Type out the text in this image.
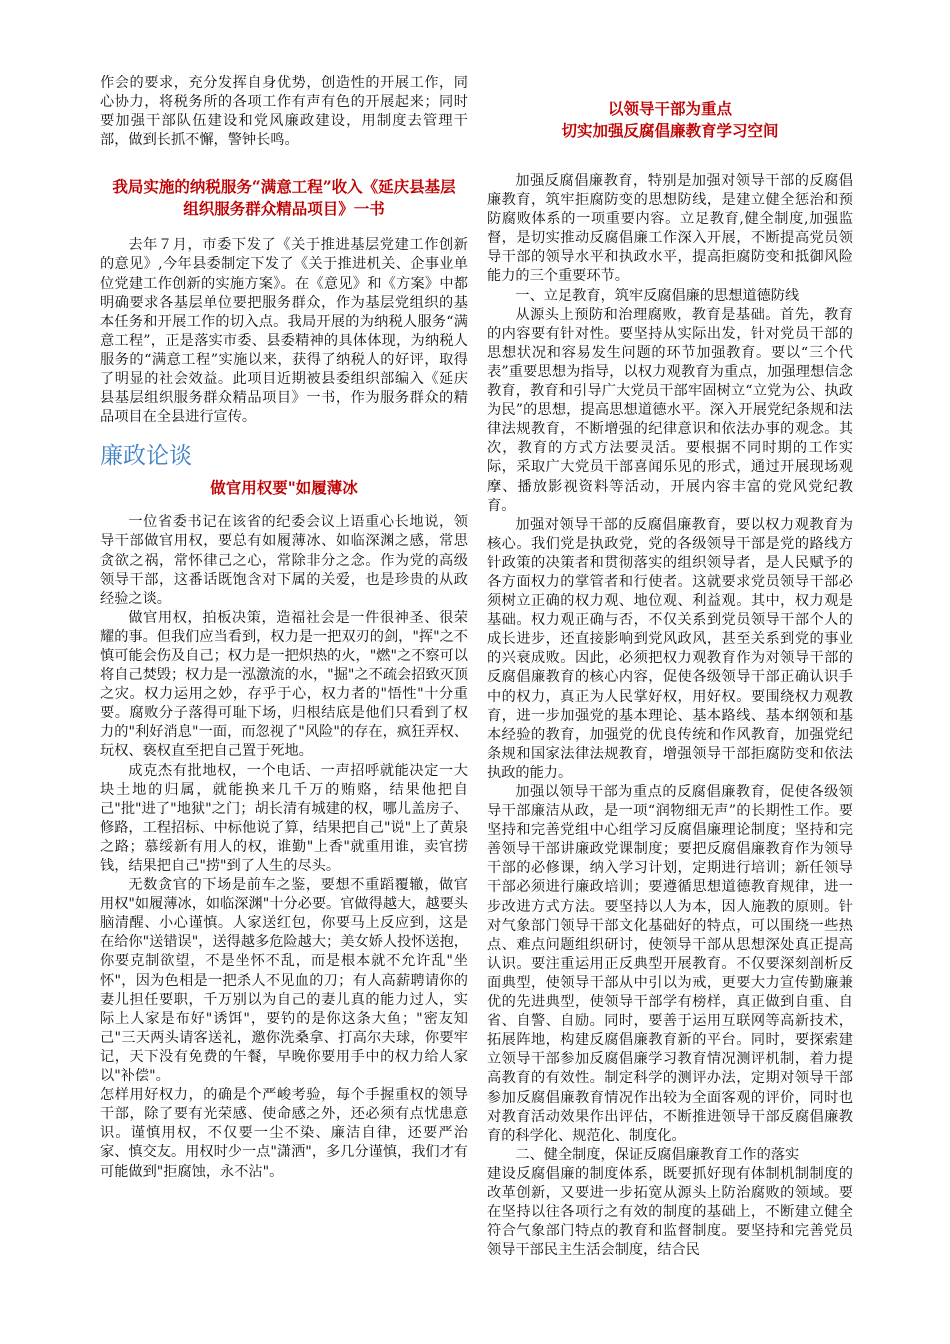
作会的要求，充分发挥自身优势，创造性的开展工作，同心协力，将税务所的各项工作有声有色的开展起来；同时要加强干部队伍建设和党风廉政建设，用制度去管理干部，做到长抓不懈，警钟长鸣。

我局实施的纳税服务“满意工程”收入《延庆县基层组织服务群众精品项目》一书

去年７月，市委下发了《关于推进基层党建工作创新的意见》,今年县委制定下发了《关于推进机关、企事业单位党建工作创新的实施方案》。在《意见》和《方案》中都明确要求各基层单位要把服务群众，作为基层党组织的基本任务和开展工作的切入点。我局开展的为纳税人服务“满意工程”，正是落实市委、县委精神的具体体现，为纳税人服务的“满意工程”实施以来，获得了纳税人的好评，取得了明显的社会效益。此项目近期被县委组织部编入《延庆县基层组织服务群众精品项目》一书，作为服务群众的精品项目在全县进行宣传。

廉政论谈

做官用权要"如履薄冰

一位省委书记在该省的纪委会议上语重心长地说，领导干部做官用权，要总有如履薄冰、如临深渊之感，常思贪欲之祸，常怀律己之心，常除非分之念。作为党的高级领导干部，这番话既饱含对下属的关爱，也是珍贵的从政经验之谈。

做官用权，拍板决策，造福社会是一件很神圣、很荣耀的事。但我们应当看到，权力是一把双刃的剑，"挥"之不慎可能会伤及自己；权力是一把炽热的火，"燃"之不察可以将自己焚毁；权力是一泓激流的水，"掘"之不疏会招致灭顶之灾。权力运用之妙，存乎于心，权力者的"悟性"十分重要。腐败分子落得可耻下场，归根结底是他们只看到了权力的"利好消息"一面，而忽视了"风险"的存在，疯狂弄权、玩权、亵权直至把自己置于死地。

成克杰有批地权，一个电话、一声招呼就能决定一大块土地的归属，就能换来几千万的贿赂，结果他把自己"批"进了"地狱"之门；胡长清有城建的权，哪儿盖房子、修路，工程招标、中标他说了算，结果把自己"说"上了黄泉之路；慕绥新有用人的权，谁勤"上香"就重用谁，卖官捞钱，结果把自己"捞"到了人生的尽头。

无数贪官的下场是前车之鉴，要想不重蹈覆辙，做官用权"如履薄冰，如临深渊"十分必要。官做得越大，越要头脑清醒、小心谨慎。人家送红包，你要马上反应到，这是在给你"送错误"，送得越多危险越大；美女娇人投怀送抱，你要克制欲望，不是坐怀不乱，而是根本就不允许乱"坐怀"，因为色相是一把杀人不见血的刀；有人高薪聘请你的妻儿担任要职，千万别以为自己的妻儿真的能力过人，实际上人家是布好"诱饵"，要钓的是你这条大鱼；"密友知己"三天两头请客送礼，邀你洗桑拿、打高尔夫球，你要牢记，天下没有免费的午餐，早晚你要用手中的权力给人家以"补偿"。

怎样用好权力，的确是个严峻考验，每个手握重权的领导干部，除了要有光荣感、使命感之外，还必须有点忧患意识。谨慎用权，不仅要一尘不染、廉洁自律，还要严治家、慎交友。用权时少一点"潇洒"，多几分谨慎，我们才有可能做到"拒腐蚀，永不沾"。

以领导干部为重点

切实加强反腐倡廉教育学习空间

加强反腐倡廉教育，特别是加强对领导干部的反腐倡廉教育，筑牢拒腐防变的思想防线，是建立健全惩治和预防腐败体系的一项重要内容。立足教育,健全制度,加强监督，是切实推动反腐倡廉工作深入开展，不断提高党员领导干部的领导水平和执政水平，提高拒腐防变和抵御风险能力的三个重要环节。

一、立足教育，筑牢反腐倡廉的思想道德防线

从源头上预防和治理腐败，教育是基础。首先，教育的内容要有针对性。要坚持从实际出发，针对党员干部的思想状况和容易发生问题的环节加强教育。要以“三个代表”重要思想为指导，以权力观教育为重点，加强理想信念教育，教育和引导广大党员干部牢固树立“立党为公、执政为民”的思想，提高思想道德水平。深入开展党纪条规和法律法规教育，不断增强的纪律意识和依法办事的观念。其次，教育的方式方法要灵活。要根据不同时期的工作实际，采取广大党员干部喜闻乐见的形式，通过开展现场观摩、播放影视资料等活动，开展内容丰富的党风党纪教育。

加强对领导干部的反腐倡廉教育，要以权力观教育为核心。我们党是执政党，党的各级领导干部是党的路线方针政策的决策者和贯彻落实的组织领导者，是人民赋予的各方面权力的掌管者和行使者。这就要求党员领导干部必须树立正确的权力观、地位观、利益观。其中，权力观是基础。权力观正确与否，不仅关系到党员领导干部个人的成长进步，还直接影响到党风政风，甚至关系到党的事业的兴衰成败。因此，必须把权力观教育作为对领导干部的反腐倡廉教育的核心内容，促使各级领导干部正确认识手中的权力，真正为人民掌好权，用好权。要围绕权力观教育，进一步加强党的基本理论、基本路线、基本纲领和基本经验的教育，加强党的优良传统和作风教育，加强党纪条规和国家法律法规教育，增强领导干部拒腐防变和依法执政的能力。

加强以领导干部为重点的反腐倡廉教育，促使各级领导干部廉洁从政，是一项“润物细无声”的长期性工作。要坚持和完善党组中心组学习反腐倡廉理论制度；坚持和完善领导干部讲廉政党课制度；要把反腐倡廉教育作为领导干部的必修课，纳入学习计划，定期进行培训；新任领导干部必须进行廉政培训；要遵循思想道德教育规律，进一步改进方式方法。要坚持以人为本，因人施教的原则。针对气象部门领导干部文化基础好的特点，可以围绕一些热点、难点问题组织研讨，使领导干部从思想深处真正提高认识。要注重运用正反典型开展教育。不仅要深刻剖析反面典型，使领导干部从中引以为戒，更要大力宣传勤廉兼优的先进典型，使领导干部学有榜样，真正做到自重、自省、自警、自励。同时，要善于运用互联网等高新技术，拓展阵地，构建反腐倡廉教育新的平台。同时，要探索建立领导干部参加反腐倡廉学习教育情况测评机制，着力提高教育的有效性。制定科学的测评办法，定期对领导干部参加反腐倡廉教育情况作出较为全面客观的评价，同时也对教育活动效果作出评估，不断推进领导干部反腐倡廉教育的科学化、规范化、制度化。

二、健全制度，保证反腐倡廉教育工作的落实

建设反腐倡廉的制度体系，既要抓好现有体制机制制度的改革创新，又要进一步拓宽从源头上防治腐败的领域。要在坚持以往各项行之有效的制度的基础上，不断建立健全符合气象部门特点的教育和监督制度。要坚持和完善党员领导干部民主生活会制度，结合民
